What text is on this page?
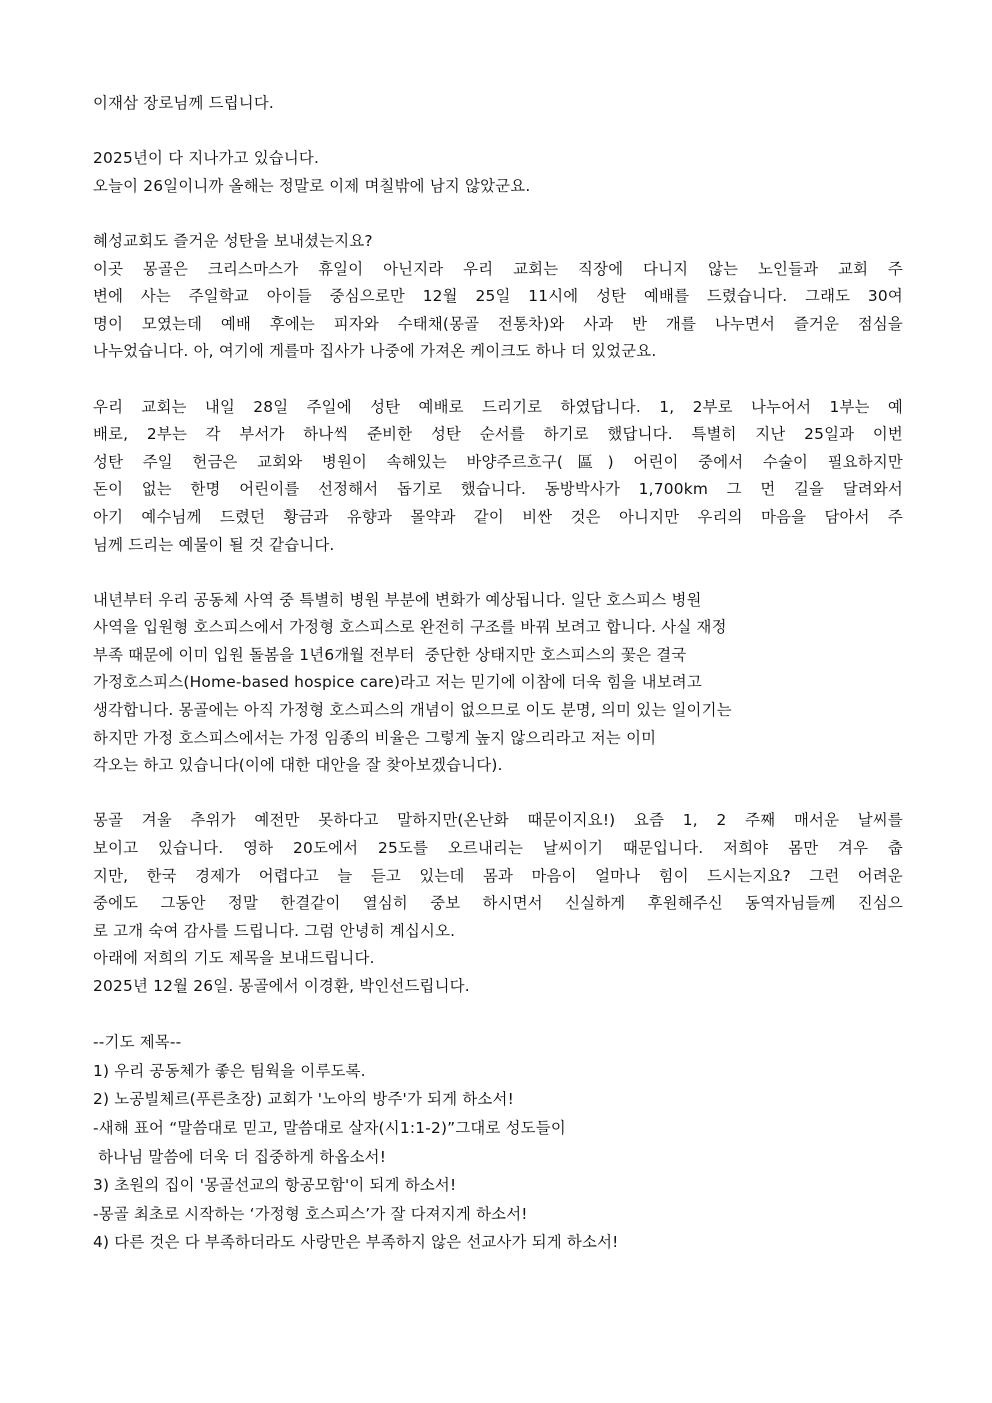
이재삼 장로님께 드립니다.
2025년이 다 지나가고 있습니다.
오늘이 26일이니까 올해는 정말로 이제 며칠밖에 남지 않았군요.
혜성교회도 즐거운 성탄을 보내셨는지요?
이곳 몽골은 크리스마스가 휴일이 아닌지라 우리 교회는 직장에 다니지 않는 노인들과 교회 주
변에 사는 주일학교 아이들 중심으로만 12월 25일 11시에 성탄 예배를 드렸습니다. 그래도 30여
명이 모였는데 예배 후에는 피자와 수태채(몽골 전통차)와 사과 반 개를 나누면서 즐거운 점심을
나누었습니다. 아, 여기에 게를마 집사가 나중에 가져온 케이크도 하나 더 있었군요.
우리 교회는 내일 28일 주일에 성탄 예배로 드리기로 하였답니다. 1, 2부로 나누어서 1부는 예
배로, 2부는 각 부서가 하나씩 준비한 성탄 순서를 하기로 했답니다. 특별히 지난 25일과 이번
성탄 주일 헌금은 교회와 병원이 속해있는 바양주르흐구(區) 어린이 중에서 수술이 필요하지만
돈이 없는 한명 어린이를 선정해서 돕기로 했습니다. 동방박사가 1,700km 그 먼 길을 달려와서
아기 예수님께 드렸던 황금과 유향과 몰약과 같이 비싼 것은 아니지만 우리의 마음을 담아서 주
님께 드리는 예물이 될 것 같습니다.
내년부터 우리 공동체 사역 중 특별히 병원 부분에 변화가 예상됩니다. 일단 호스피스 병원
사역을 입원형 호스피스에서 가정형 호스피스로 완전히 구조를 바꿔 보려고 합니다. 사실 재정
부족 때문에 이미 입원 돌봄을 1년6개월 전부터  중단한 상태지만 호스피스의 꽃은 결국
가정호스피스(Home-based hospice care)라고 저는 믿기에 이참에 더욱 힘을 내보려고
생각합니다. 몽골에는 아직 가정형 호스피스의 개념이 없으므로 이도 분명, 의미 있는 일이기는
하지만 가정 호스피스에서는 가정 임종의 비율은 그렇게 높지 않으리라고 저는 이미
각오는 하고 있습니다(이에 대한 대안을 잘 찾아보겠습니다).
몽골 겨울 추위가 예전만 못하다고 말하지만(온난화 때문이지요!) 요즘 1, 2 주째 매서운 날씨를
보이고 있습니다. 영하 20도에서 25도를 오르내리는 날씨이기 때문입니다. 저희야 몸만 겨우 춥
지만, 한국 경제가 어렵다고 늘 듣고 있는데 몸과 마음이 얼마나 힘이 드시는지요? 그런 어려운
중에도 그동안 정말 한결같이 열심히 중보 하시면서 신실하게 후원해주신 동역자님들께 진심으
로 고개 숙여 감사를 드립니다. 그럼 안녕히 계십시오.
아래에 저희의 기도 제목을 보내드립니다.
2025년 12월 26일. 몽골에서 이경환, 박인선드립니다.
--기도 제목--
1) 우리 공동체가 좋은 팀웍을 이루도록.
2) 노공빌체르(푸른초장) 교회가 '노아의 방주'가 되게 하소서!
-새해 표어 “말씀대로 믿고, 말씀대로 살자(시1:1-2)”그대로 성도들이
하나님 말씀에 더욱 더 집중하게 하옵소서!
3) 초원의 집이 '몽골선교의 항공모함'이 되게 하소서!
-몽골 최초로 시작하는 ‘가정형 호스피스’가 잘 다져지게 하소서!
4) 다른 것은 다 부족하더라도 사랑만은 부족하지 않은 선교사가 되게 하소서!
